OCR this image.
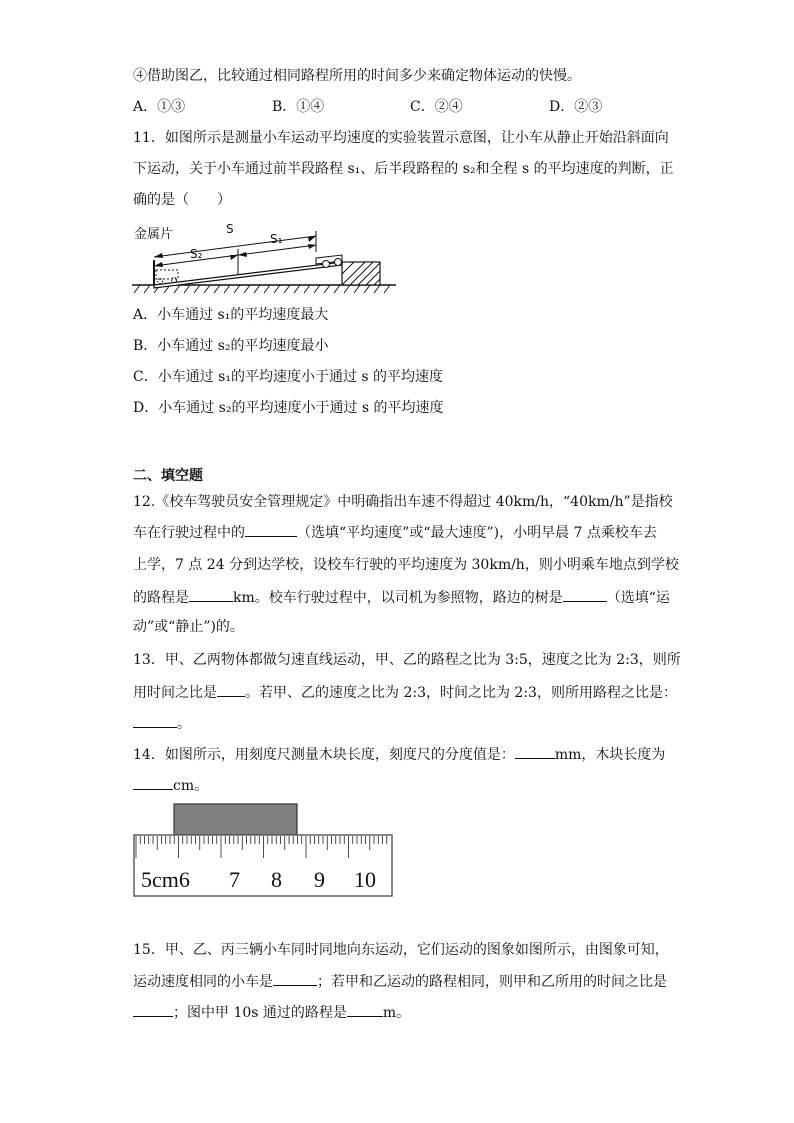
④借助图乙，比较通过相同路程所用的时间多少来确定物体运动的快慢。
A．①③	B．①④	C．②④	D．②③
11．如图所示是测量小车运动平均速度的实验装置示意图，让小车从静止开始沿斜面向
下运动，关于小车通过前半段路程 s₁、后半段路程的 s₂和全程 s 的平均速度的判断，正
确的是（　　）
金属片	S
S₁
S₂
A．小车通过 s₁的平均速度最大
B．小车通过 s₂的平均速度最小
C．小车通过 s₁的平均速度小于通过 s 的平均速度
D．小车通过 s₂的平均速度小于通过 s 的平均速度
二、填空题
12.《校车驾驶员安全管理规定》中明确指出车速不得超过 40km/h，“40km/h”是指校
车在行驶过程中的	（选填“平均速度”或“最大速度”)，小明早晨 7 点乘校车去
上学，7 点 24 分到达学校，设校车行驶的平均速度为 30km/h，则小明乘车地点到学校
的路程是	km。校车行驶过程中，以司机为参照物，路边的树是	（选填“运
动”或“静止”)的。
13．甲、乙两物体都做匀速直线运动，甲、乙的路程之比为 3:5，速度之比为 2:3，则所
用时间之比是 。若甲、乙的速度之比为 2:3，时间之比为 2:3，则所用路程之比是：
。
14．如图所示，用刻度尺测量木块长度，刻度尺的分度值是：	mm，木块长度为
cm。
5cm6 7 8 9 10
15．甲、乙、丙三辆小车同时同地向东运动，它们运动的图象如图所示，由图象可知，
运动速度相同的小车是	；若甲和乙运动的路程相同，则甲和乙所用的时间之比是
；图中甲 10s 通过的路程是	m。
